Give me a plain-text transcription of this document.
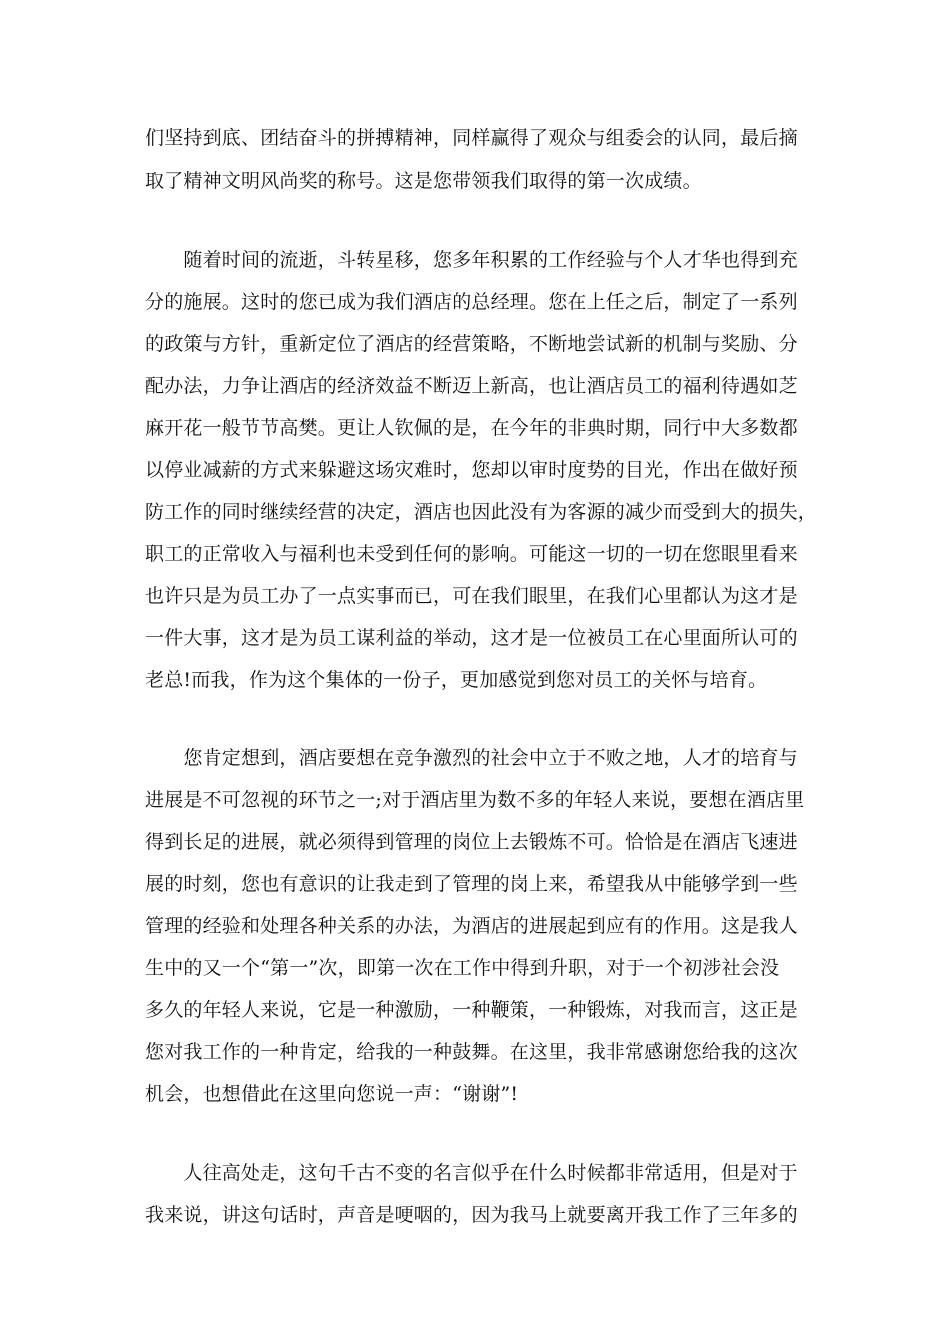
们坚持到底、团结奋斗的拼搏精神，同样赢得了观众与组委会的认同，最后摘
取了精神文明风尚奖的称号。这是您带领我们取得的第一次成绩。
　　随着时间的流逝，斗转星移，您多年积累的工作经验与个人才华也得到充
分的施展。这时的您已成为我们酒店的总经理。您在上任之后，制定了一系列
的政策与方针，重新定位了酒店的经营策略，不断地尝试新的机制与奖励、分
配办法，力争让酒店的经济效益不断迈上新高，也让酒店员工的福利待遇如芝
麻开花一般节节高樊。更让人钦佩的是，在今年的非典时期，同行中大多数都
以停业减薪的方式来躲避这场灾难时，您却以审时度势的目光，作出在做好预
防工作的同时继续经营的决定，酒店也因此没有为客源的减少而受到大的损失，
职工的正常收入与福利也未受到任何的影响。可能这一切的一切在您眼里看来
也许只是为员工办了一点实事而已，可在我们眼里，在我们心里都认为这才是
一件大事，这才是为员工谋利益的举动，这才是一位被员工在心里面所认可的
老总!而我，作为这个集体的一份子，更加感觉到您对员工的关怀与培育。
　　您肯定想到，酒店要想在竞争激烈的社会中立于不败之地，人才的培育与
进展是不可忽视的环节之一;对于酒店里为数不多的年轻人来说，要想在酒店里
得到长足的进展，就必须得到管理的岗位上去锻炼不可。恰恰是在酒店飞速进
展的时刻，您也有意识的让我走到了管理的岗上来，希望我从中能够学到一些
管理的经验和处理各种关系的办法，为酒店的进展起到应有的作用。这是我人
生中的又一个“第一”次，即第一次在工作中得到升职，对于一个初涉社会没
多久的年轻人来说，它是一种激励，一种鞭策，一种锻炼，对我而言，这正是
您对我工作的一种肯定，给我的一种鼓舞。在这里，我非常感谢您给我的这次
机会，也想借此在这里向您说一声：“谢谢”!
　　人往高处走，这句千古不变的名言似乎在什么时候都非常适用，但是对于
我来说，讲这句话时，声音是哽咽的，因为我马上就要离开我工作了三年多的
